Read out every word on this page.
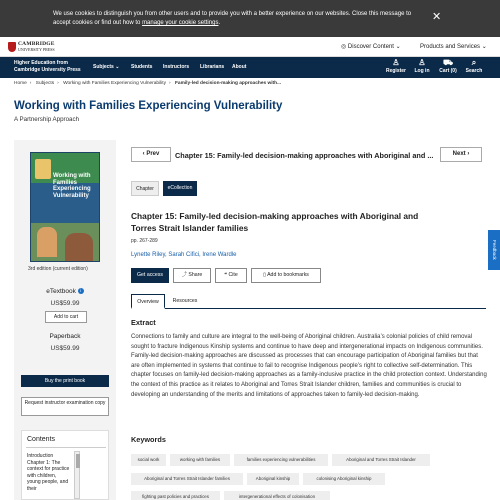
We use cookies to distinguish you from other users and to provide you with a better experience on our websites. Close this message to accept cookies or find out how to manage your cookie settings.	✕
CAMBRIDGE
UNIVERSITY PRESS	◎ Discover Content ⌄	Products and Services ⌄
Higher Education from
Cambridge University Press Subjects ⌄ Students Instructors Librarians About	♙
Register
♙
Log in
⛟
Cart (0)
⌕
Search
Home › Subjects › Working with Families Experiencing Vulnerability › Family-led decision-making approaches with...
Working with Families Experiencing Vulnerability
A Partnership Approach
Working with Families Experiencing Vulnerability
3rd edition (current edition)
eTextbook i
US$59.99
Add to cart
Paperback
US$59.99
Buy the print book
Request instructor examination copy
Contents
Introduction
Chapter 1: The context for practice with children, young people, and their
‹ Prev	Chapter 15: Family-led decision-making approaches with Aboriginal and ...	Next ›
Chapter	eCollection
Chapter 15: Family-led decision-making approaches with Aboriginal and Torres Strait Islander families
pp. 267-289
Lynette Riley, Sarah Cifici, Irene Wardle
Get access	⤴ Share	❝ Cite	▯ Add to bookmarks
Overview	Resources
Extract
Connections to family and culture are integral to the well-being of Aboriginal children. Australia’s colonial policies of child removal sought to fracture Indigenous Kinship systems and continue to have deep and intergenerational impacts on Indigenous communities. Family-led decision-making approaches are discussed as processes that can encourage participation of Aboriginal families but that are often implemented in systems that continue to fail to recognise Indigenous people’s right to collective self-determination. This chapter focuses on family-led decision-making approaches as a family-inclusive practice in the child protection context. Understanding the context of this practice as it relates to Aboriginal and Torres Strait Islander children, families and communities is crucial to developing an understanding of the merits and limitations of approaches taken to family-led decision-making.
Keywords
social work	working with families	families experiencing vulnerabilities	Aboriginal and Torres Strait Islander
Aboriginal and Torres Strait Islander families	Aboriginal kinship	colonising Aboriginal kinship
fighting past policies and practices	intergenerational effects of colonisation
Feedback
